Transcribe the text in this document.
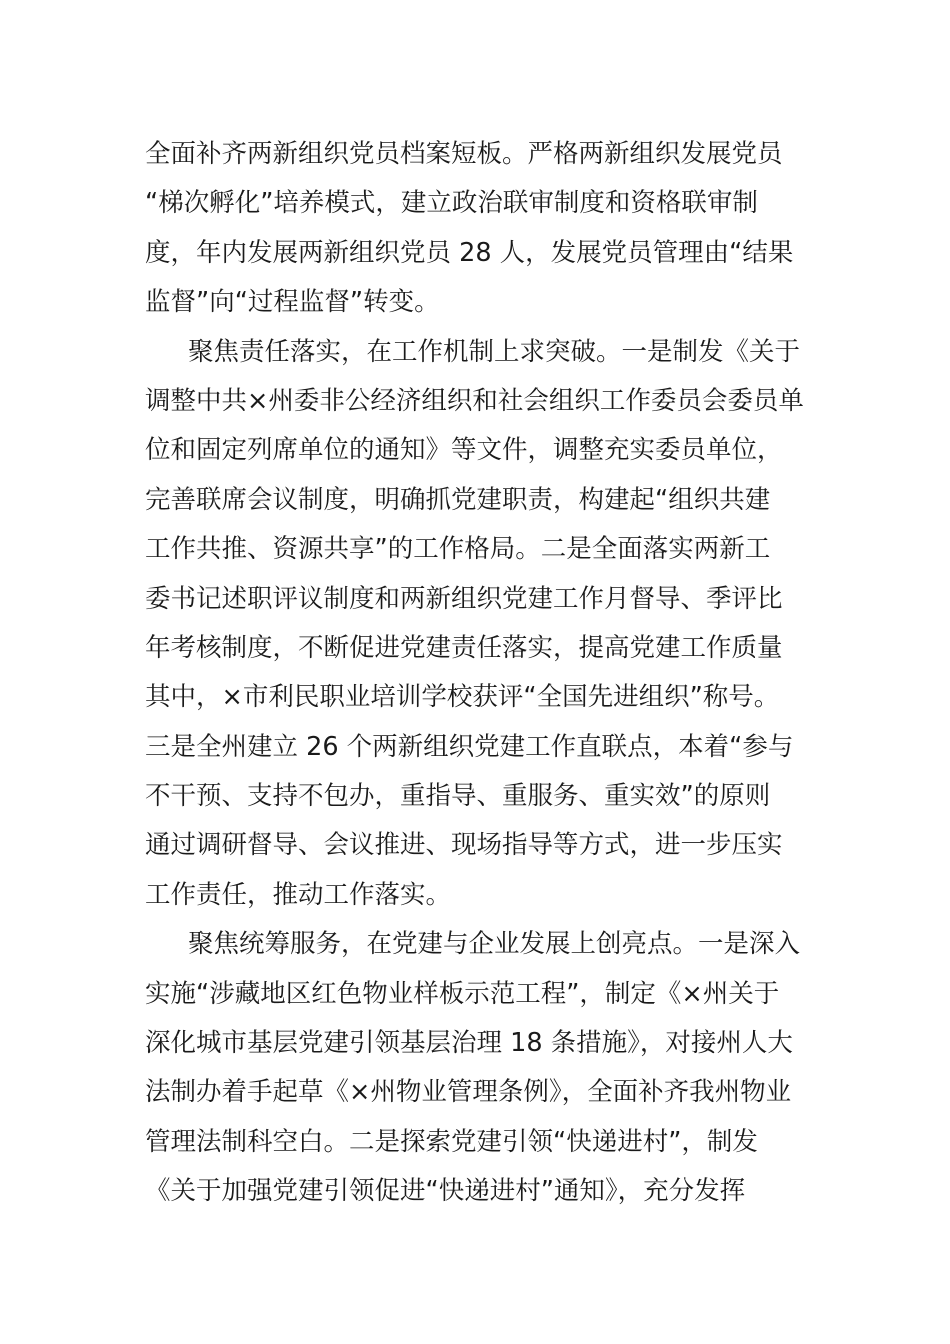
全面补齐两新组织党员档案短板。严格两新组织发展党员
“梯次孵化”培养模式，建立政治联审制度和资格联审制
度，年内发展两新组织党员 28 人，发展党员管理由“结果
监督”向“过程监督”转变。
聚焦责任落实，在工作机制上求突破。一是制发《关于
调整中共×州委非公经济组织和社会组织工作委员会委员单
位和固定列席单位的通知》等文件，调整充实委员单位，
完善联席会议制度，明确抓党建职责，构建起“组织共建
工作共推、资源共享”的工作格局。二是全面落实两新工
委书记述职评议制度和两新组织党建工作月督导、季评比
年考核制度，不断促进党建责任落实，提高党建工作质量
其中，×市利民职业培训学校获评“全国先进组织”称号。
三是全州建立 26 个两新组织党建工作直联点，本着“参与
不干预、支持不包办，重指导、重服务、重实效”的原则
通过调研督导、会议推进、现场指导等方式，进一步压实
工作责任，推动工作落实。
聚焦统筹服务，在党建与企业发展上创亮点。一是深入
实施“涉藏地区红色物业样板示范工程”，制定《×州关于
深化城市基层党建引领基层治理 18 条措施》，对接州人大
法制办着手起草《×州物业管理条例》，全面补齐我州物业
管理法制科空白。二是探索党建引领“快递进村”，制发
《关于加强党建引领促进“快递进村”通知》，充分发挥
